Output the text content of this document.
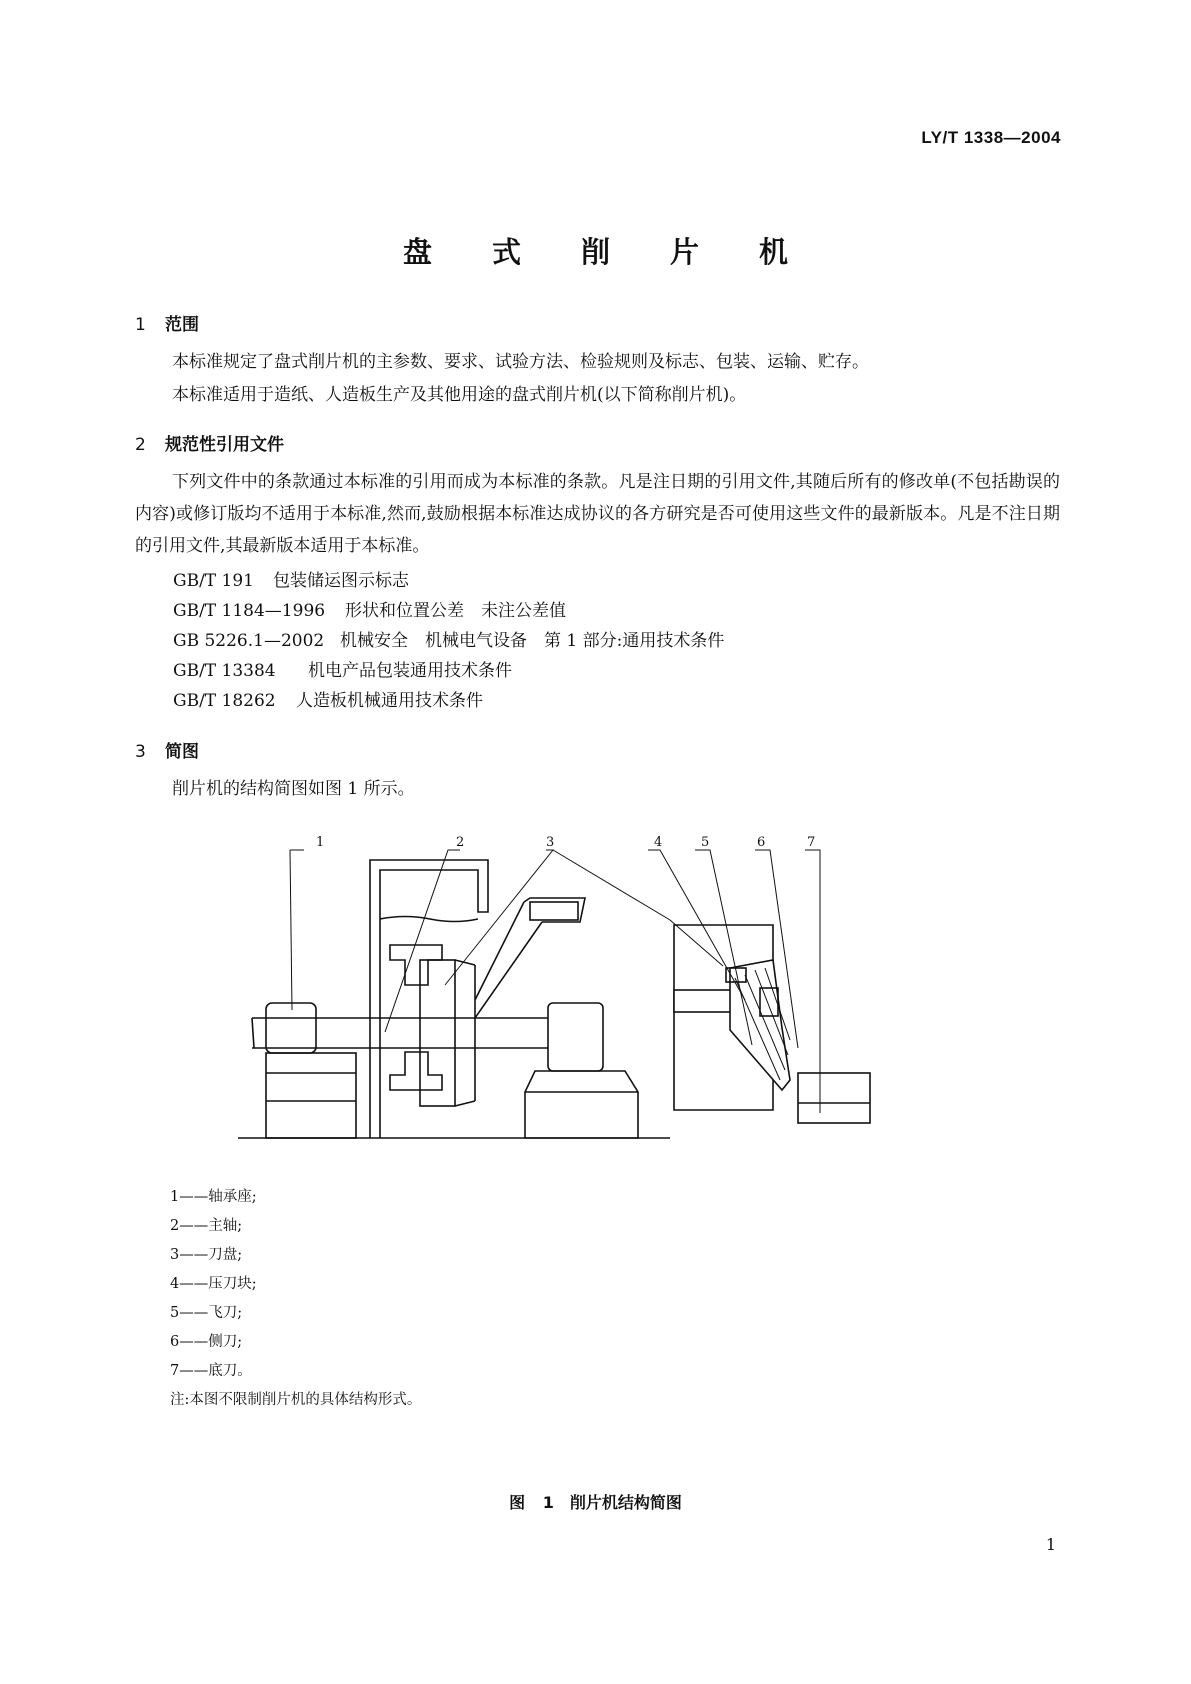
LY/T 1338—2004
盘式削片机
1 范围
本标准规定了盘式削片机的主参数、要求、试验方法、检验规则及标志、包装、运输、贮存。
本标准适用于造纸、人造板生产及其他用途的盘式削片机(以下简称削片机)。
2 规范性引用文件
下列文件中的条款通过本标准的引用而成为本标准的条款。凡是注日期的引用文件,其随后所有的修改单(不包括勘误的内容)或修订版均不适用于本标准,然而,鼓励根据本标准达成协议的各方研究是否可使用这些文件的最新版本。凡是不注日期的引用文件,其最新版本适用于本标准。
GB/T 191 包装储运图示标志
GB/T 1184—1996 形状和位置公差　未注公差值
GB 5226.1—2002 机械安全　机械电气设备　第 1 部分:通用技术条件
GB/T 13384 机电产品包装通用技术条件
GB/T 18262 人造板机械通用技术条件
3 简图
削片机的结构简图如图 1 所示。
1	2	3	4	5	6	7
1——轴承座;
2——主轴;
3——刀盘;
4——压刀块;
5——飞刀;
6——侧刀;
7——底刀。
注:本图不限制削片机的具体结构形式。
图 1　削片机结构简图
1
